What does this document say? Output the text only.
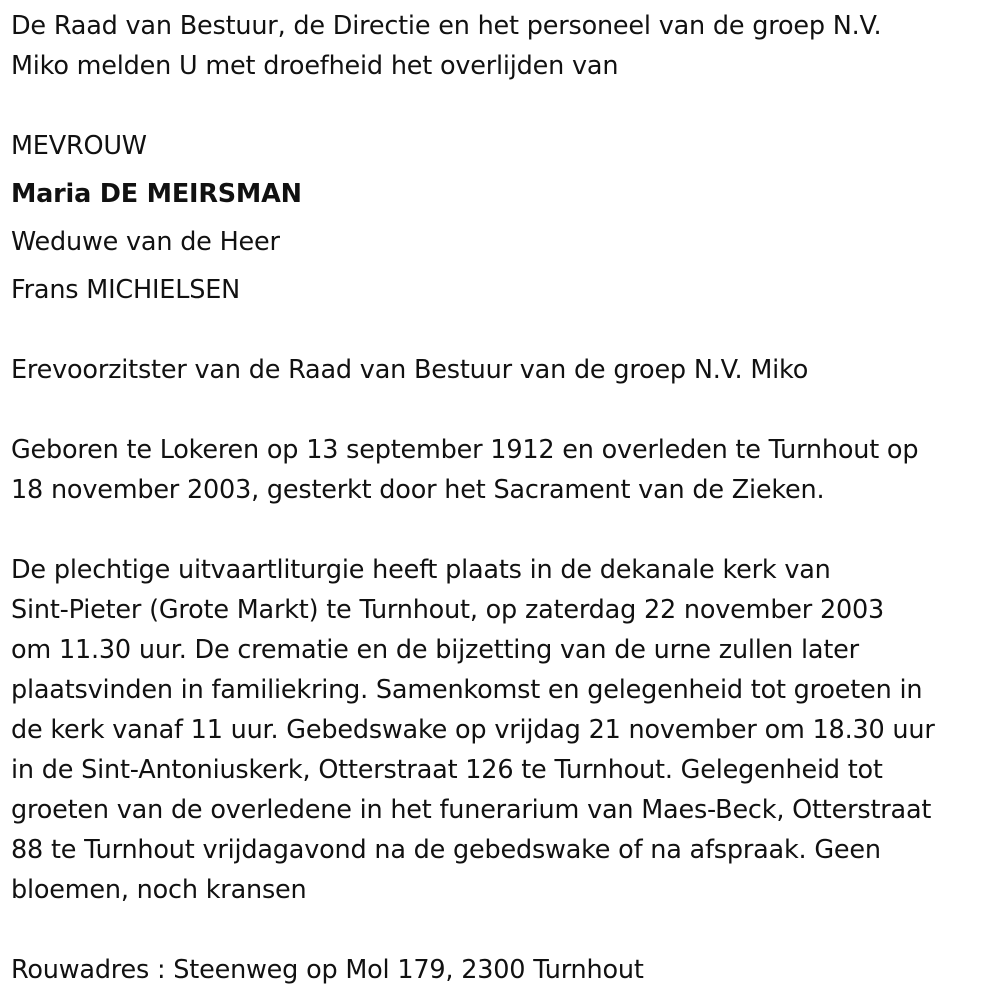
De Raad van Bestuur, de Directie en het personeel van de groep N.V.
Miko melden U met droefheid het overlijden van
MEVROUW
Maria DE MEIRSMAN
Weduwe van de Heer
Frans MICHIELSEN
Erevoorzitster van de Raad van Bestuur van de groep N.V. Miko
Geboren te Lokeren op 13 september 1912 en overleden te Turnhout op
18 november 2003, gesterkt door het Sacrament van de Zieken.
De plechtige uitvaartliturgie heeft plaats in de dekanale kerk van
Sint-Pieter (Grote Markt) te Turnhout, op zaterdag 22 november 2003
om 11.30 uur. De crematie en de bijzetting van de urne zullen later
plaatsvinden in familiekring. Samenkomst en gelegenheid tot groeten in
de kerk vanaf 11 uur. Gebedswake op vrijdag 21 november om 18.30 uur
in de Sint-Antoniuskerk, Otterstraat 126 te Turnhout. Gelegenheid tot
groeten van de overledene in het funerarium van Maes-Beck, Otterstraat
88 te Turnhout vrijdagavond na de gebedswake of na afspraak. Geen
bloemen, noch kransen
Rouwadres : Steenweg op Mol 179, 2300 Turnhout
